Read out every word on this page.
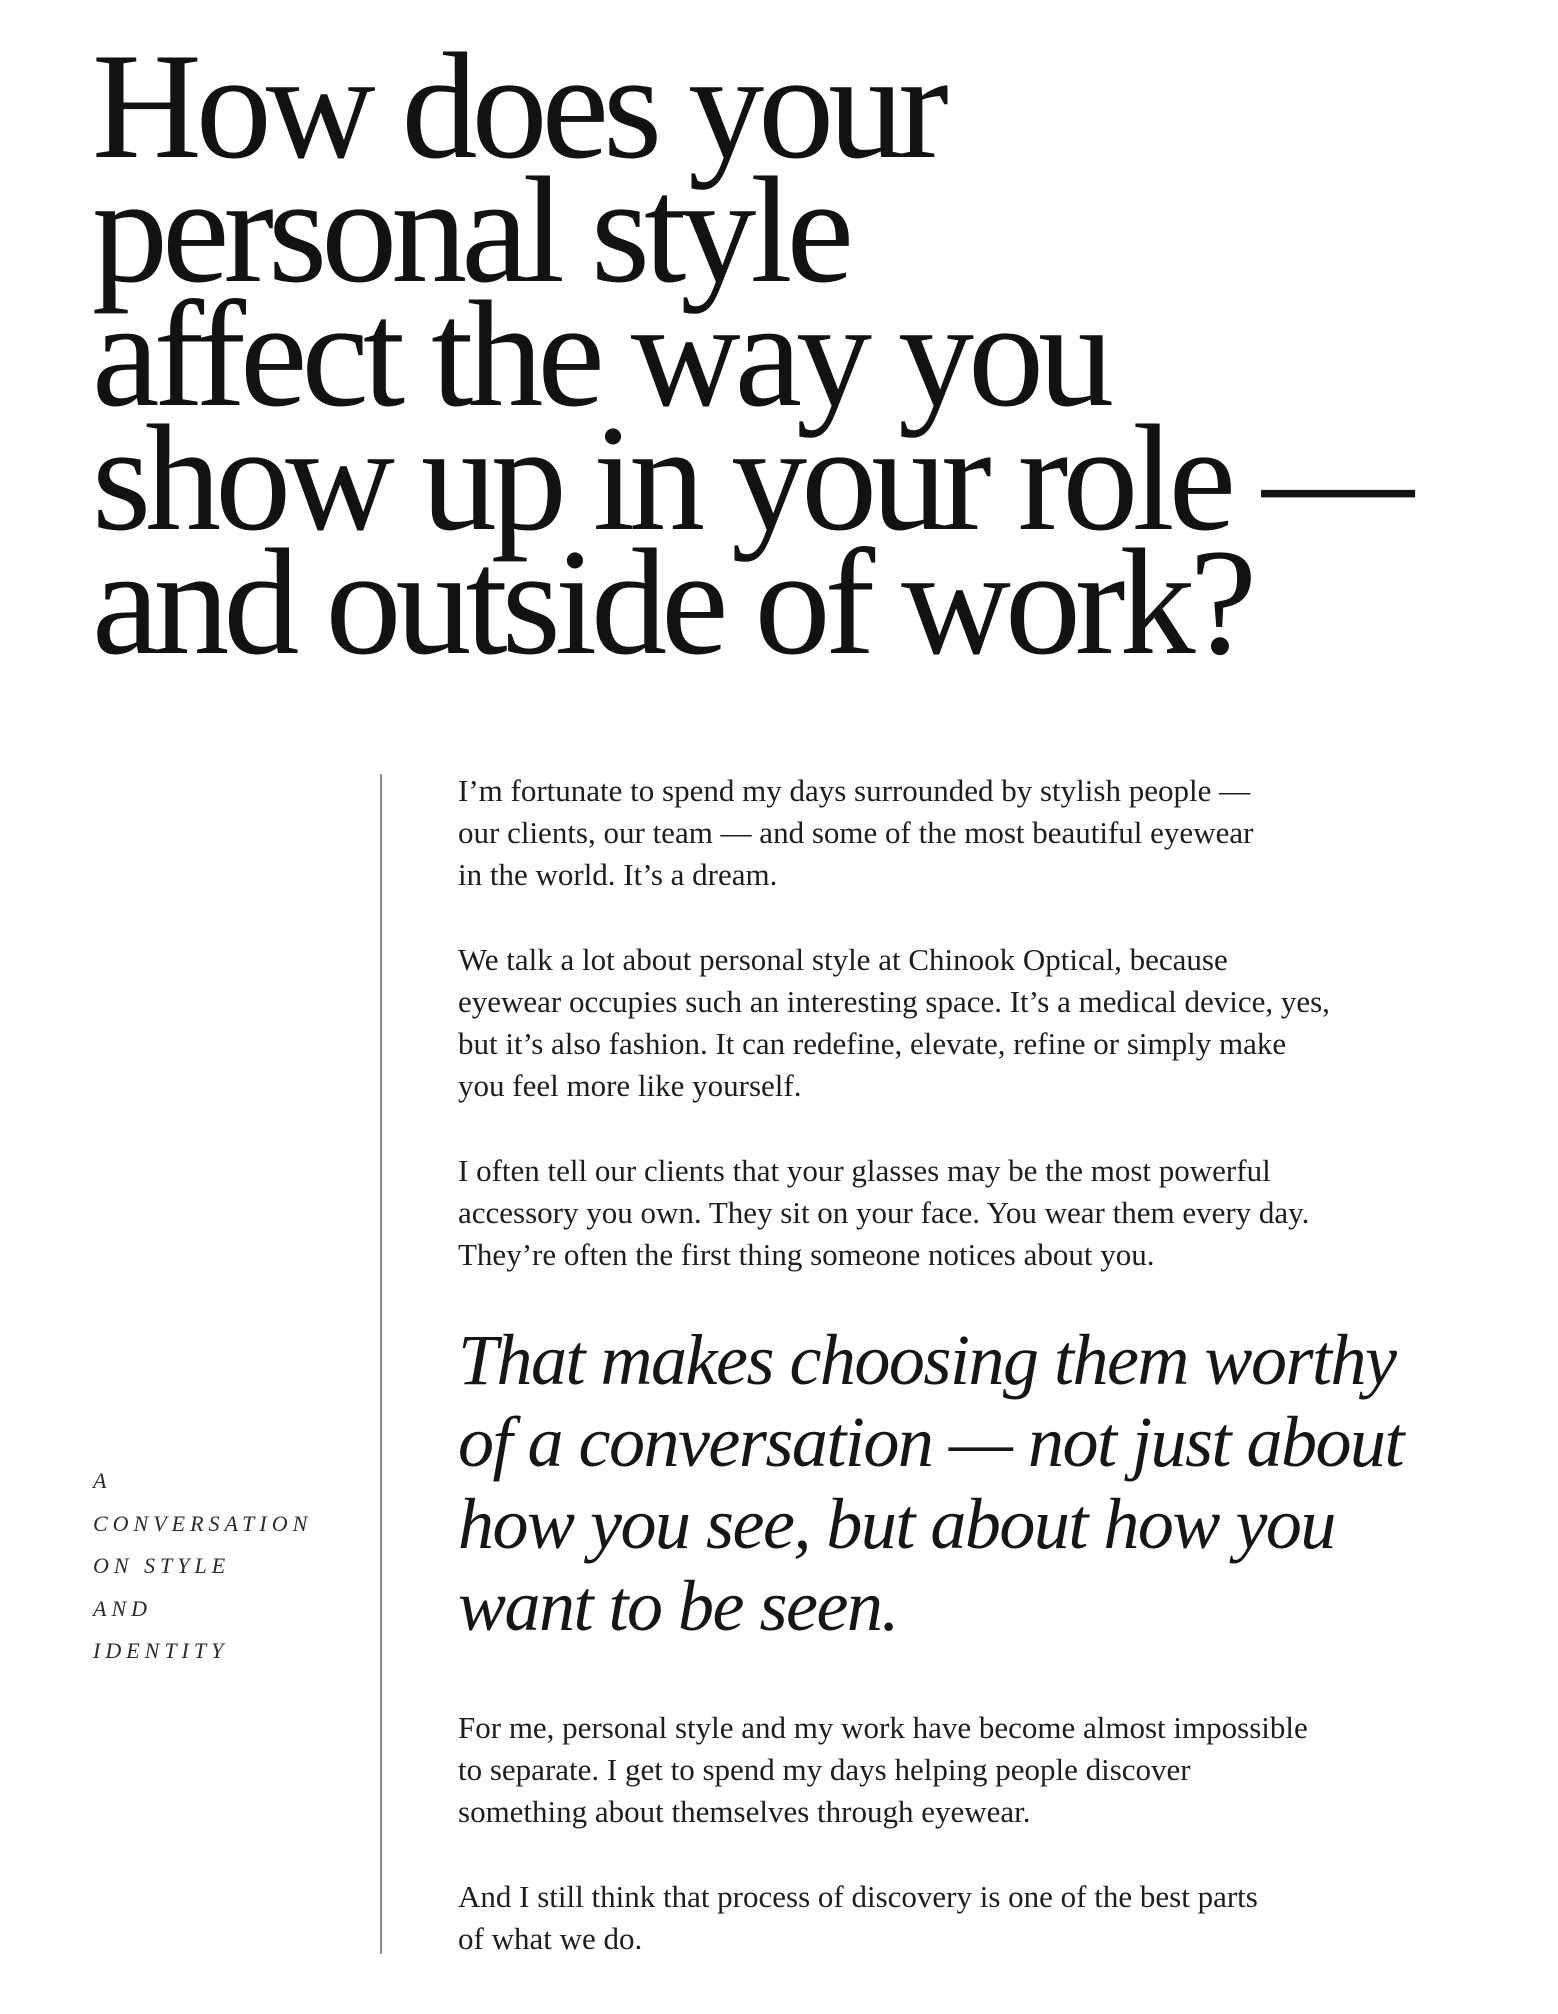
How does your
personal style
affect the way you
show up in your role —
and outside of work?
A
CONVERSATION
ON STYLE
AND
IDENTITY

I’m fortunate to spend my days surrounded by stylish people —
our clients, our team — and some of the most beautiful eyewear
in the world. It’s a dream.

We talk a lot about personal style at Chinook Optical, because
eyewear occupies such an interesting space. It’s a medical device, yes,
but it’s also fashion. It can redefine, elevate, refine or simply make
you feel more like yourself.

I often tell our clients that your glasses may be the most powerful
accessory you own. They sit on your face. You wear them every day.
They’re often the first thing someone notices about you.

That makes choosing them worthy
of a conversation — not just about
how you see, but about how you
want to be seen.

For me, personal style and my work have become almost impossible
to separate. I get to spend my days helping people discover
something about themselves through eyewear.

And I still think that process of discovery is one of the best parts
of what we do.
